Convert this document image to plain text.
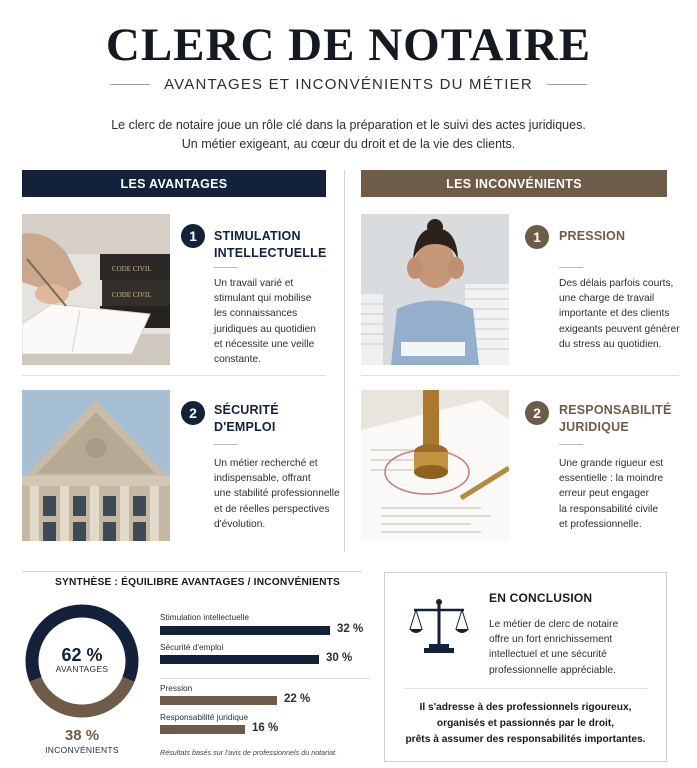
CLERC DE NOTAIRE
AVANTAGES ET INCONVÉNIENTS DU MÉTIER
Le clerc de notaire joue un rôle clé dans la préparation et le suivi des actes juridiques.
Un métier exigeant, au cœur du droit et de la vie des clients.
LES AVANTAGES	LES INCONVÉNIENTS
CODE CIVIL
CODE CIVIL
1	STIMULATION
INTELLECTUELLE
Un travail varié et
stimulant qui mobilise
les connaissances
juridiques au quotidien
et nécessite une veille
constante.
2	SÉCURITÉ
D'EMPLOI
Un métier recherché et
indispensable, offrant
une stabilité professionnelle
et de réelles perspectives
d'évolution.
1	PRESSION
Des délais parfois courts,
une charge de travail
importante et des clients
exigeants peuvent générer
du stress au quotidien.
2	RESPONSABILITÉ
JURIDIQUE
Une grande rigueur est
essentielle : la moindre
erreur peut engager
la responsabilité civile
et professionnelle.
SYNTHÈSE : ÉQUILIBRE AVANTAGES / INCONVÉNIENTS
62 %
AVANTAGES
38 %
INCONVÉNIENTS
Stimulation intellectuelle
32 %
Sécurité d'emploi
30 %
Pression
22 %
Responsabilité juridique
16 %
Résultats basés sur l'avis de professionnels du notariat.
EN CONCLUSION
Le métier de clerc de notaire
offre un fort enrichissement
intellectuel et une sécurité
professionnelle appréciable.
Il s'adresse à des professionnels rigoureux,
organisés et passionnés par le droit,
prêts à assumer des responsabilités importantes.
